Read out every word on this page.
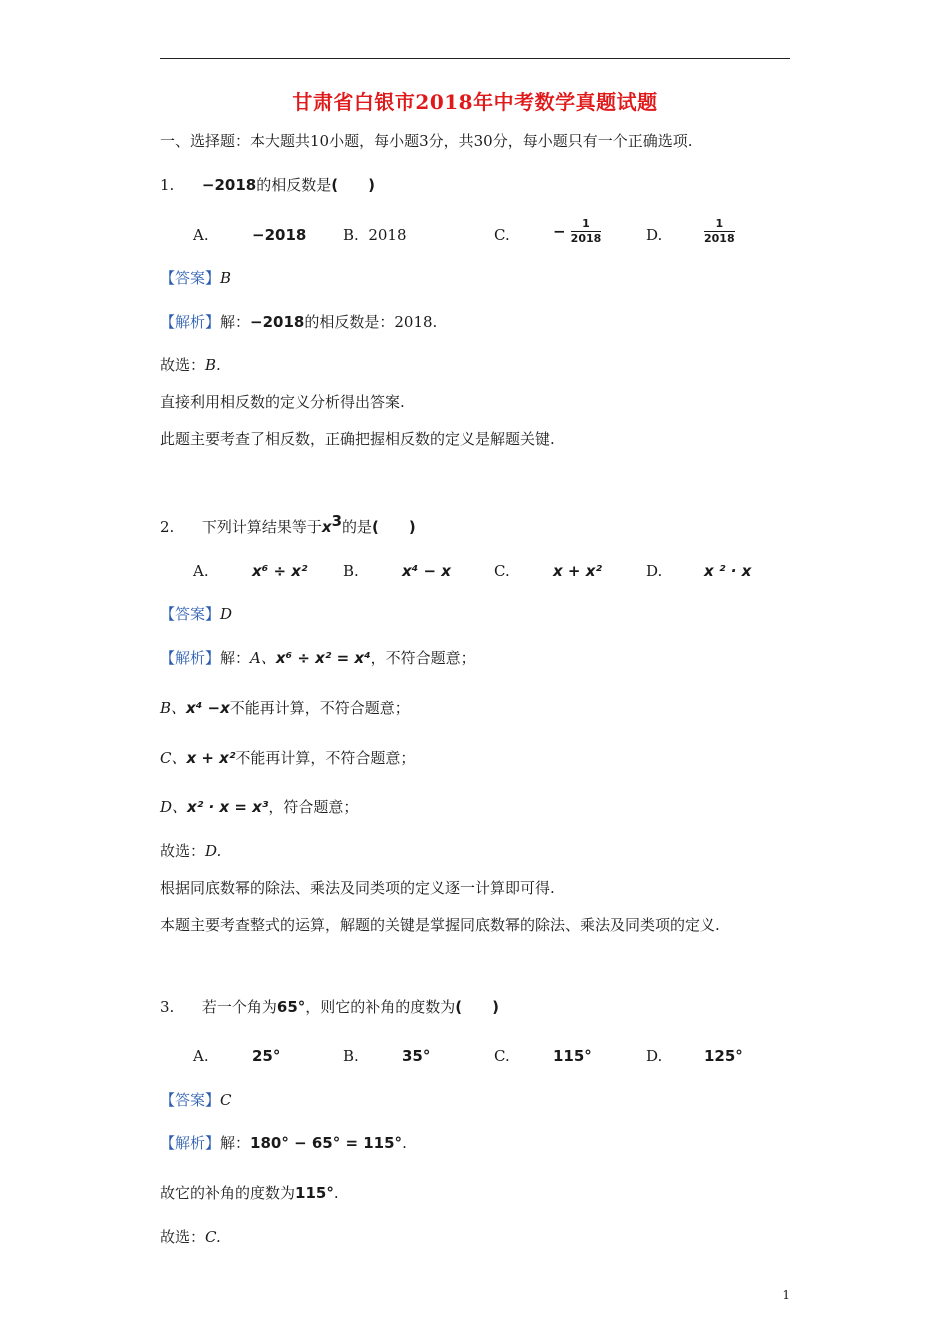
甘肃省白银市2018年中考数学真题试题
一、选择题：本大题共10小题，每小题3分，共30分，每小题只有一个正确选项.
1. −2018的相反数是(　　)
A.	−2018 B. 2018	C.	− $\frac{1}{2018}$	D.	$\frac{1}{2018}$
【答案】B
【解析】解：−2018的相反数是：2018.
故选：B.
直接利用相反数的定义分析得出答案.
此题主要考查了相反数，正确把握相反数的定义是解题关键.
2. 下列计算结果等于$x^3$的是(　　)
A.	x⁶ ÷ x² B.	x⁴ − x	C.	x + x²	D.	x ² · x
【答案】D
【解析】解：A、x⁶ ÷ x² = x⁴，不符合题意；
B、x⁴ −x不能再计算，不符合题意；
C、x + x²不能再计算，不符合题意；
D、x² · x = x³，符合题意；
故选：D.
根据同底数幂的除法、乘法及同类项的定义逐一计算即可得.
本题主要考查整式的运算，解题的关键是掌握同底数幂的除法、乘法及同类项的定义.
3. 若一个角为65°，则它的补角的度数为(　　)
A.	25°	B.	35°	C.	115°	D.	125°
【答案】C
【解析】解：180° − 65° = 115°.
故它的补角的度数为115°.
故选：C.
1
